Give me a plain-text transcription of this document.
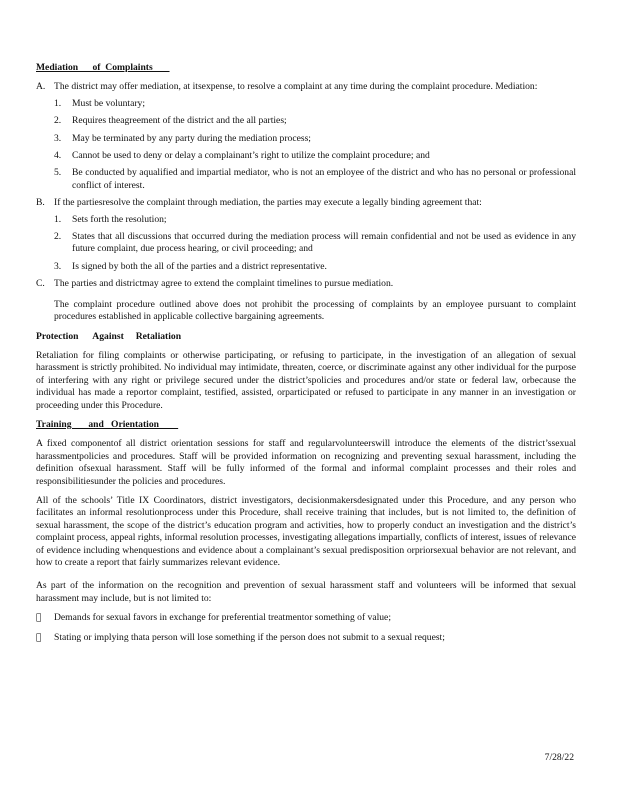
Mediation      of  Complaints
A. The district may offer mediation, at itsexpense, to resolve a complaint at any time during the complaint procedure. Mediation:
1. Must be voluntary;
2. Requires theagreement of the district and the all parties;
3. May be terminated by any party during the mediation process;
4. Cannot be used to deny or delay a complainant’s right to utilize the complaint procedure; and
5. Be conducted by aqualified and impartial mediator, who is not an employee of the district and who has no personal or professional conflict of interest.
B. If the partiesresolve the complaint through mediation, the parties may execute a legally binding agreement that:
1. Sets forth the resolution;
2. States that all discussions that occurred during the mediation process will remain confidential and not be used as evidence in any future complaint, due process hearing, or civil proceeding; and
3. Is signed by both the all of the parties and a district representative.
C. The parties and districtmay agree to extend the complaint timelines to pursue mediation.
The complaint procedure outlined above does not prohibit the processing of complaints by an employee pursuant to complaint procedures established in applicable collective bargaining agreements.
Protection      Against     Retaliation
Retaliation for filing complaints or otherwise participating, or refusing to participate, in the investigation of an allegation of sexual harassment is strictly prohibited. No individual may intimidate, threaten, coerce, or discriminate against any other individual for the purpose of interfering with any right or privilege secured under the district’spolicies and procedures and/or state or federal law, orbecause the individual has made a reportor complaint, testified, assisted, orparticipated or refused to participate in any manner in an investigation or proceeding under this Procedure.
Training       and   Orientation
A fixed componentof all district orientation sessions for staff and regularvolunteerswill introduce the elements of the district’ssexual harassmentpolicies and procedures. Staff will be provided information on recognizing and preventing sexual harassment, including the definition ofsexual harassment. Staff will be fully informed of the formal and informal complaint processes and their roles and responsibilitiesunder the policies and procedures.
All of the schools’ Title IX Coordinators, district investigators, decisionmakersdesignated under this Procedure, and any person who facilitates an informal resolutionprocess under this Procedure, shall receive training that includes, but is not limited to, the definition of sexual harassment, the scope of the district’s education program and activities, how to properly conduct an investigation and the district’s complaint process, appeal rights, informal resolution processes, investigating allegations impartially, conflicts of interest, issues of relevance of evidence including whenquestions and evidence about a complainant’s sexual predisposition orpriorsexual behavior are not relevant, and how to create a report that fairly summarizes relevant evidence.
As part of the information on the recognition and prevention of sexual harassment staff and volunteers will be informed that sexual harassment may include, but is not limited to:
Demands for sexual favors in exchange for preferential treatmentor something of value;
Stating or implying thata person will lose something if the person does not submit to a sexual request;
7/28/22
